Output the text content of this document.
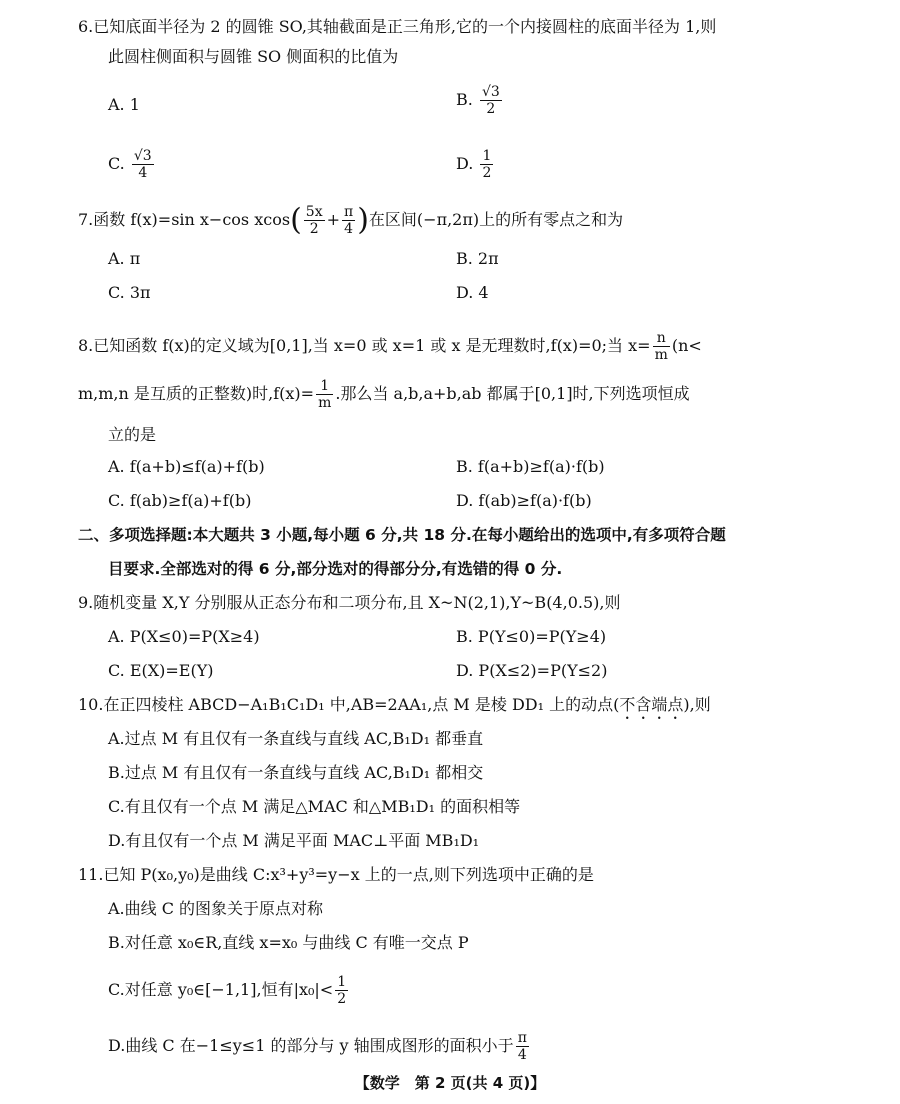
6.已知底面半径为 2 的圆锥 SO,其轴截面是正三角形,它的一个内接圆柱的底面半径为 1,则
此圆柱侧面积与圆锥 SO 侧面积的比值为
A. 1	B. $\frac{√3}{2}$
C. $\frac{√3}{4}$	D. $\frac{1}{2}$
7.函数 f(x)=sin x−cos $xcos( \frac{5x}{2} + \frac{\pi}{4}$ )在区间(−π,2π)上的所有零点之和为
A. π	B. 2π
C. 3π	D. 4
8.已知函数 f(x)的定义域为[0,1],当 x=0 或 x=1 或 x 是无理数时,f(x)=0;当 $x= \frac{n}{m} (n<$
m,m,n 是互质的正整数)时$,f(x)= \frac{1}{m}$ .那么当 a,b,a+b,ab 都属于[0,1]时,下列选项恒成
立的是
A. f(a+b)≤f(a)+f(b)	B. f(a+b)≥f(a)·f(b)
C. f(ab)≥f(a)+f(b)	D. f(ab)≥f(a)·f(b)
二、多项选择题:本大题共 3 小题,每小题 6 分,共 18 分.在每小题给出的选项中,有多项符合题
目要求.全部选对的得 6 分,部分选对的得部分分,有选错的得 0 分.
9.随机变量 X,Y 分别服从正态分布和二项分布,且 X~N(2,1),Y~B(4,0.5),则
A. P(X≤0)=P(X≥4)	B. P(Y≤0)=P(Y≥4)
C. E(X)=E(Y)	D. P(X≤2)=P(Y≤2)
10.在正四棱柱 ABCD−A₁B₁C₁D₁ 中,AB=2AA₁,点 M 是棱 DD₁ 上的动点(不含端点),则
A.过点 M 有且仅有一条直线与直线 AC,B₁D₁ 都垂直
B.过点 M 有且仅有一条直线与直线 AC,B₁D₁ 都相交
C.有且仅有一个点 M 满足△MAC 和△MB₁D₁ 的面积相等
D.有且仅有一个点 M 满足平面 MAC⊥平面 MB₁D₁
11.已知 P(x₀,y₀)是曲线 C:x³+y³=y−x 上的一点,则下列选项中正确的是
A.曲线 C 的图象关于原点对称
B.对任意 x₀∈R,直线 x=x₀ 与曲线 C 有唯一交点 P
C.对任意 y₀∈[−1,1],恒有$|x_0|< \frac{1}{2}$
D.曲线 C 在−1≤y≤1 的部分与 y 轴围成图形的面积小于 $\frac{\pi}{4}$
【数学　第 2 页(共 4 页)】
